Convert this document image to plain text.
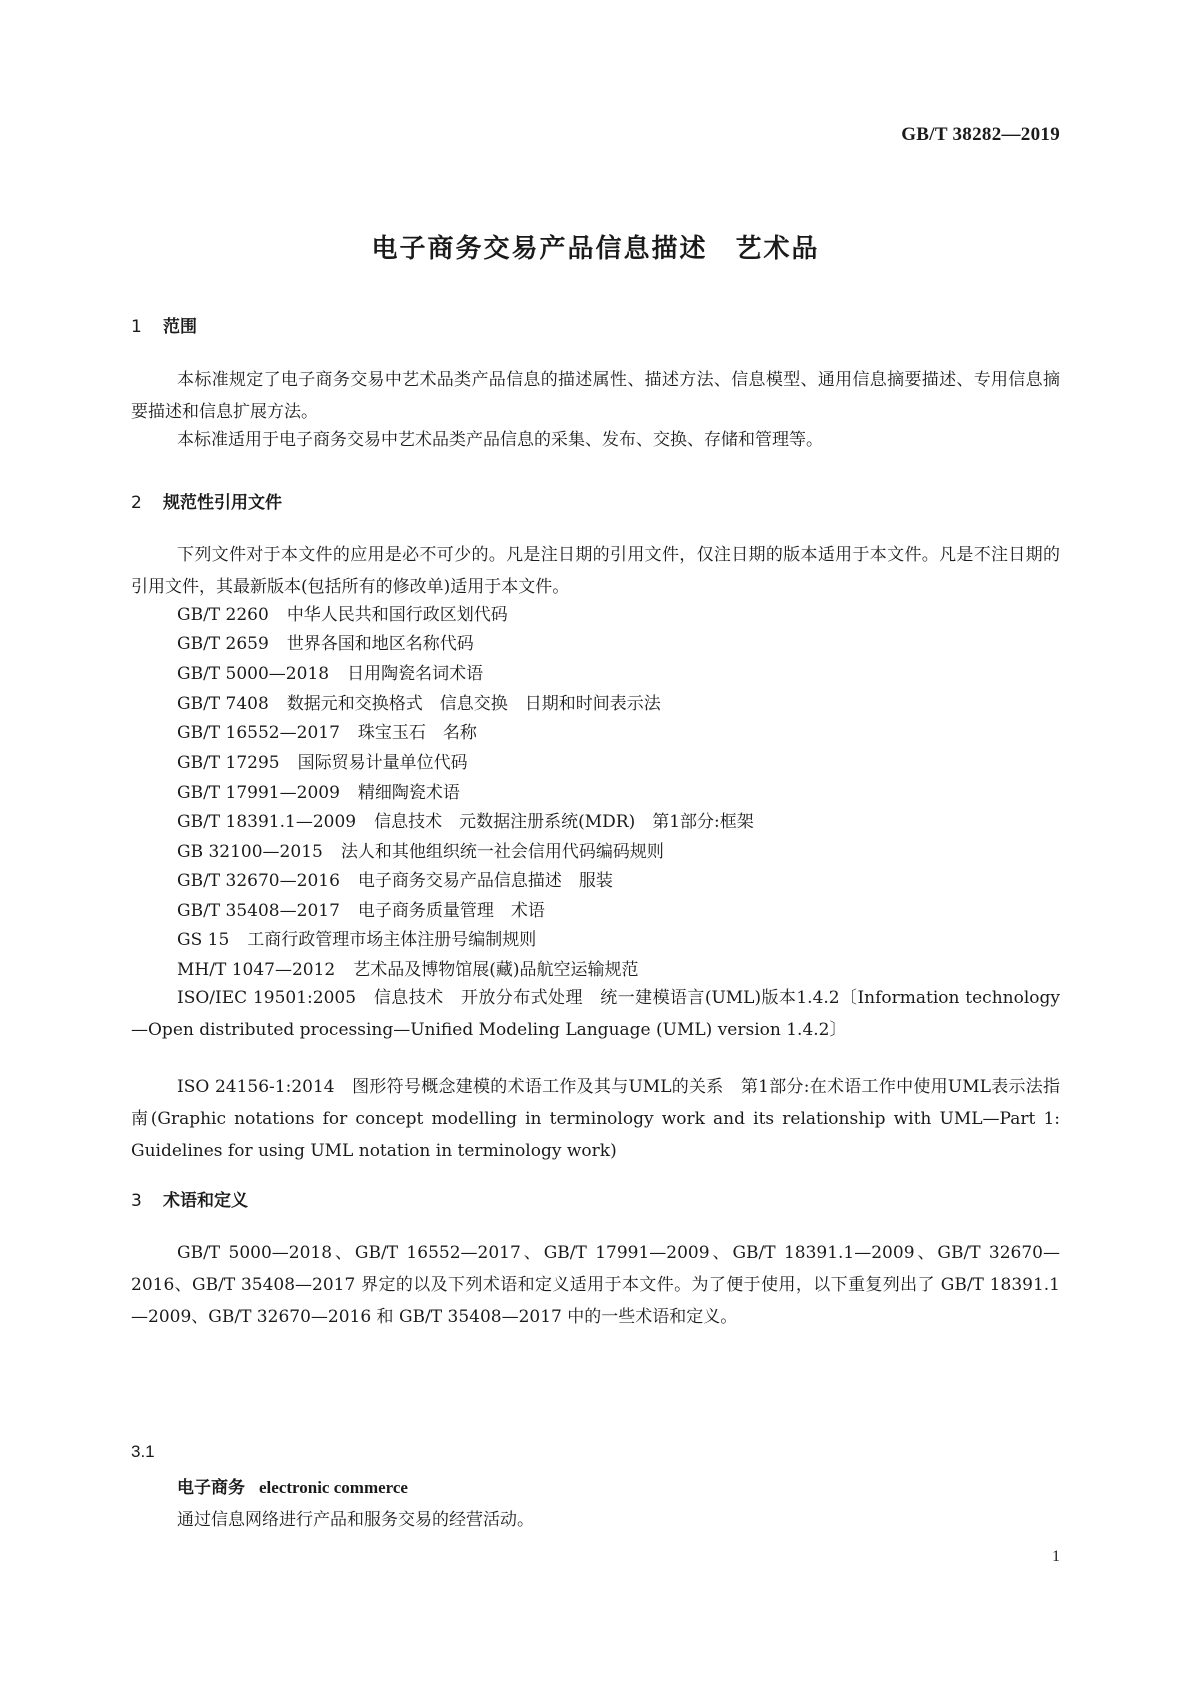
GB/T 38282—2019
电子商务交易产品信息描述　艺术品
1 范围
本标准规定了电子商务交易中艺术品类产品信息的描述属性、描述方法、信息模型、通用信息摘要描述、专用信息摘要描述和信息扩展方法。
本标准适用于电子商务交易中艺术品类产品信息的采集、发布、交换、存储和管理等。
2 规范性引用文件
下列文件对于本文件的应用是必不可少的。凡是注日期的引用文件，仅注日期的版本适用于本文件。凡是不注日期的引用文件，其最新版本(包括所有的修改单)适用于本文件。
GB/T 2260 中华人民共和国行政区划代码
GB/T 2659 世界各国和地区名称代码
GB/T 5000—2018 日用陶瓷名词术语
GB/T 7408 数据元和交换格式　信息交换　日期和时间表示法
GB/T 16552—2017 珠宝玉石　名称
GB/T 17295 国际贸易计量单位代码
GB/T 17991—2009 精细陶瓷术语
GB/T 18391.1—2009 信息技术　元数据注册系统(MDR)　第1部分:框架
GB 32100—2015 法人和其他组织统一社会信用代码编码规则
GB/T 32670—2016 电子商务交易产品信息描述　服装
GB/T 35408—2017 电子商务质量管理　术语
GS 15 工商行政管理市场主体注册号编制规则
MH/T 1047—2012 艺术品及博物馆展(藏)品航空运输规范
ISO/IEC 19501:2005　信息技术　开放分布式处理　统一建模语言(UML)版本1.4.2〔Information technology—Open distributed processing—Unified Modeling Language (UML) version 1.4.2〕
ISO 24156-1:2014　图形符号概念建模的术语工作及其与UML的关系　第1部分:在术语工作中使用UML表示法指南(Graphic notations for concept modelling in terminology work and its relationship with UML—Part 1: Guidelines for using UML notation in terminology work)
3 术语和定义
GB/T 5000—2018、GB/T 16552—2017、GB/T 17991—2009、GB/T 18391.1—2009、GB/T 32670—2016、GB/T 35408—2017 界定的以及下列术语和定义适用于本文件。为了便于使用，以下重复列出了 GB/T 18391.1—2009、GB/T 32670—2016 和 GB/T 35408—2017 中的一些术语和定义。
3.1
电子商务 electronic commerce
通过信息网络进行产品和服务交易的经营活动。
1
